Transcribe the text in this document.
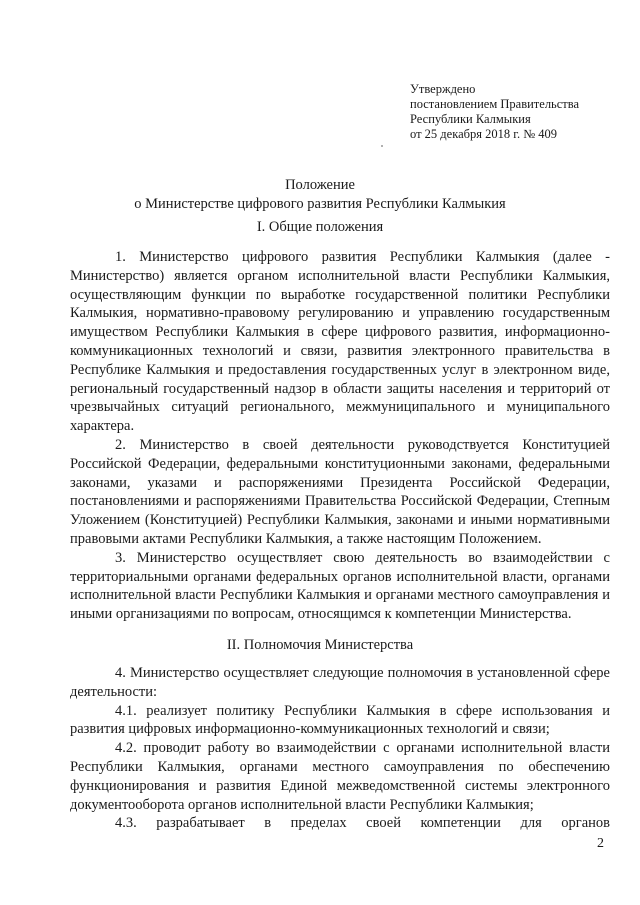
Утверждено
постановлением Правительства
Республики Калмыкия
от 25 декабря 2018 г. № 409
Положение
о Министерстве цифрового развития Республики Калмыкия
I. Общие положения

1. Министерство цифрового развития Республики Калмыкия (далее - Министерство) является органом исполнительной власти Республики Калмыкия, осуществляющим функции по выработке государственной политики Республики Калмыкия, нормативно-правовому регулированию и управлению государственным имуществом Республики Калмыкия в сфере цифрового развития, информационно-коммуникационных технологий и связи, развития электронного правительства в Республике Калмыкия и предоставления государственных услуг в электронном виде, региональный государственный надзор в области защиты населения и территорий от чрезвычайных ситуаций регионального, межмуниципального и муниципального характера.

2. Министерство в своей деятельности руководствуется Конституцией Российской Федерации, федеральными конституционными законами, федеральными законами, указами и распоряжениями Президента Российской Федерации, постановлениями и распоряжениями Правительства Российской Федерации, Степным Уложением (Конституцией) Республики Калмыкия, законами и иными нормативными правовыми актами Республики Калмыкия, а также настоящим Положением.

3. Министерство осуществляет свою деятельность во взаимодействии с территориальными органами федеральных органов исполнительной власти, органами исполнительной власти Республики Калмыкия и органами местного самоуправления и иными организациями по вопросам, относящимся к компетенции Министерства.

II. Полномочия Министерства

4. Министерство осуществляет следующие полномочия в установленной сфере деятельности:

4.1. реализует политику Республики Калмыкия в сфере использования и развития цифровых информационно-коммуникационных технологий и связи;

4.2. проводит работу во взаимодействии с органами исполнительной власти Республики Калмыкия, органами местного самоуправления по обеспечению функционирования и развития Единой межведомственной системы электронного документооборота органов исполнительной власти Республики Калмыкия;

4.3. разрабатывает в пределах своей компетенции для органов

2
